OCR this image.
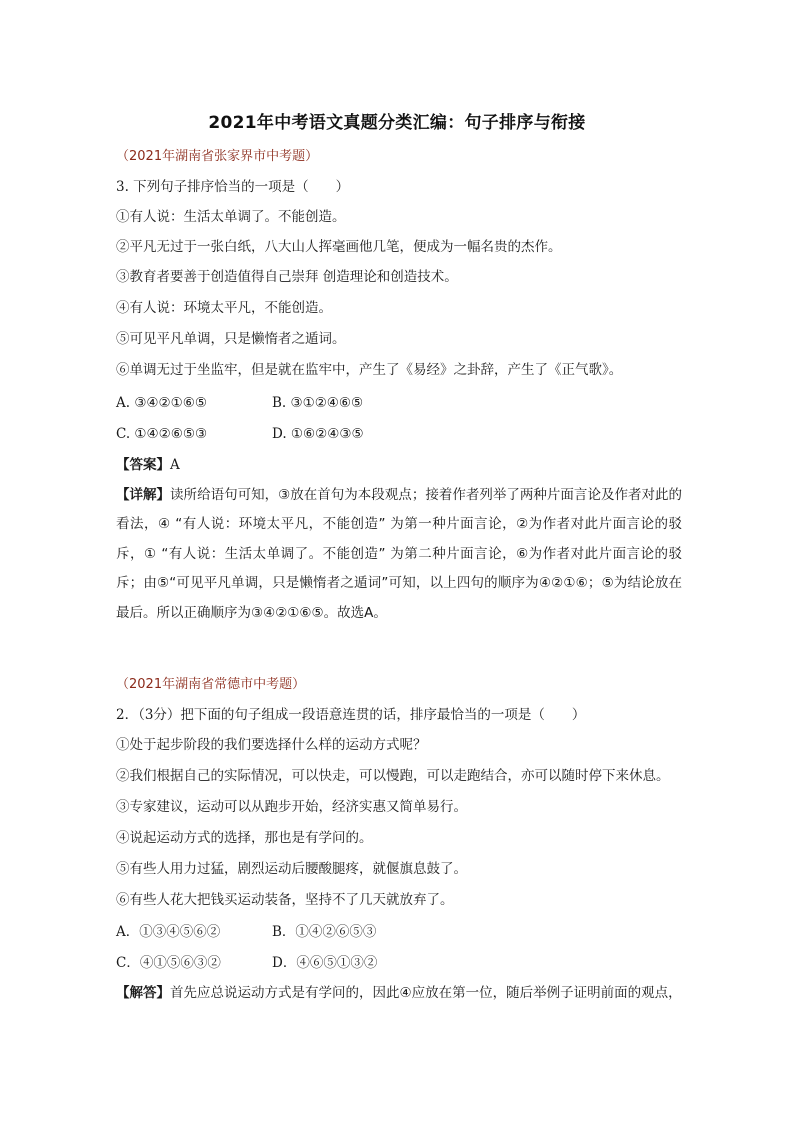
2021年中考语文真题分类汇编：句子排序与衔接
（2021年湖南省张家界市中考题）
3. 下列句子排序恰当的一项是（　　）
①有人说：生活太单调了。不能创造。
②平凡无过于一张白纸，八大山人挥毫画他几笔，便成为一幅名贵的杰作。
③教育者要善于创造值得自己崇拜 创造理论和创造技术。
④有人说：环境太平凡，不能创造。
⑤可见平凡单调，只是懒惰者之遁词。
⑥单调无过于坐监牢，但是就在监牢中，产生了《易经》之卦辞，产生了《正气歌》。
A. ③④②①⑥⑤	B. ③①②④⑥⑤
C. ①④②⑥⑤③	D. ①⑥②④③⑤
【答案】A
【详解】读所给语句可知，③放在首句为本段观点；接着作者列举了两种片面言论及作者对此的看法，④ “有人说：环境太平凡，不能创造” 为第一种片面言论，②为作者对此片面言论的驳斥，① “有人说：生活太单调了。不能创造” 为第二种片面言论，⑥为作者对此片面言论的驳斥；由⑤“可见平凡单调，只是懒惰者之遁词”可知，以上四句的顺序为④②①⑥；⑤为结论放在最后。所以正确顺序为③④②①⑥⑤。故选A。
（2021年湖南省常德市中考题）
2．（3分）把下面的句子组成一段语意连贯的话，排序最恰当的一项是（　　）
①处于起步阶段的我们要选择什么样的运动方式呢？
②我们根据自己的实际情况，可以快走，可以慢跑，可以走跑结合，亦可以随时停下来休息。
③专家建议，运动可以从跑步开始，经济实惠又简单易行。
④说起运动方式的选择，那也是有学问的。
⑤有些人用力过猛，剧烈运动后腰酸腿疼，就偃旗息鼓了。
⑥有些人花大把钱买运动装备，坚持不了几天就放弃了。
A．①③④⑤⑥②	B．①④②⑥⑤③
C．④①⑤⑥③②	D．④⑥⑤①③②
【解答】首先应总说运动方式是有学问的，因此④应放在第一位，随后举例子证明前面的观点，
